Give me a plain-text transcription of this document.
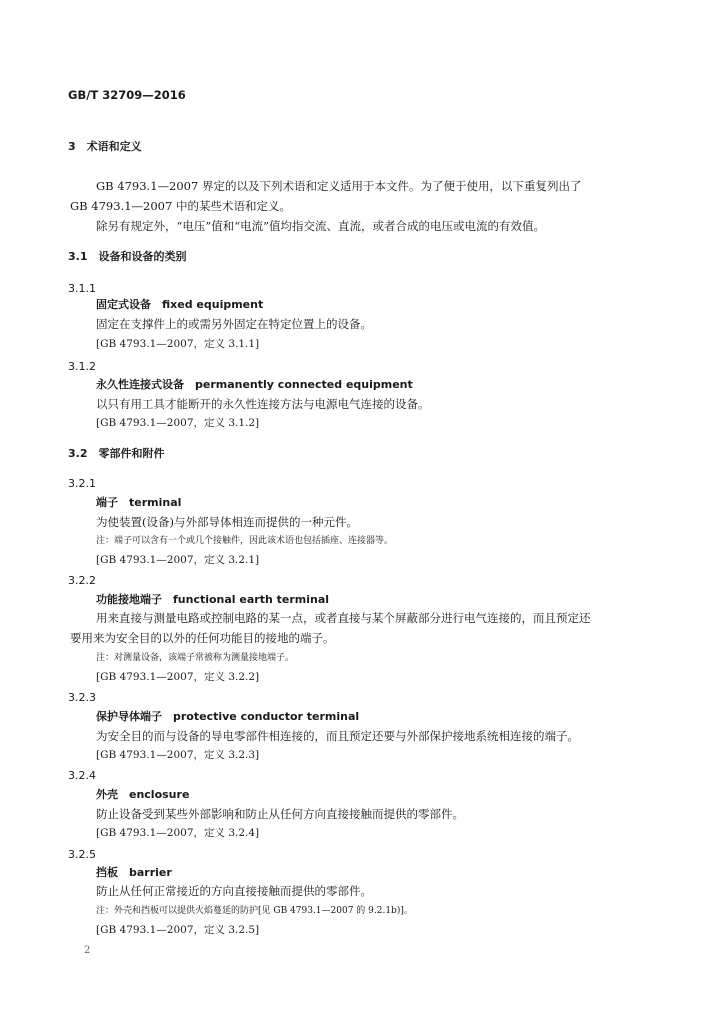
GB/T 32709—2016
3　术语和定义
GB 4793.1—2007 界定的以及下列术语和定义适用于本文件。为了便于使用，以下重复列出了
GB 4793.1—2007 中的某些术语和定义。
除另有规定外，“电压”值和“电流”值均指交流、直流，或者合成的电压或电流的有效值。
3.1　设备和设备的类别
3.1.1
固定式设备　fixed equipment
固定在支撑件上的或需另外固定在特定位置上的设备。
[GB 4793.1—2007，定义 3.1.1]
3.1.2
永久性连接式设备　permanently connected equipment
以只有用工具才能断开的永久性连接方法与电源电气连接的设备。
[GB 4793.1—2007，定义 3.1.2]
3.2　零部件和附件
3.2.1
端子　terminal
为使装置(设备)与外部导体相连而提供的一种元件。
注：端子可以含有一个或几个接触件，因此该术语也包括插座、连接器等。
[GB 4793.1—2007，定义 3.2.1]
3.2.2
功能接地端子　functional earth terminal
用来直接与测量电路或控制电路的某一点，或者直接与某个屏蔽部分进行电气连接的，而且预定还
要用来为安全目的以外的任何功能目的接地的端子。
注：对测量设备，该端子常被称为测量接地端子。
[GB 4793.1—2007，定义 3.2.2]
3.2.3
保护导体端子　protective conductor terminal
为安全目的而与设备的导电零部件相连接的，而且预定还要与外部保护接地系统相连接的端子。
[GB 4793.1—2007，定义 3.2.3]
3.2.4
外壳　enclosure
防止设备受到某些外部影响和防止从任何方向直接接触而提供的零部件。
[GB 4793.1—2007，定义 3.2.4]
3.2.5
挡板　barrier
防止从任何正常接近的方向直接接触而提供的零部件。
注：外壳和挡板可以提供火焰蔓延的防护[见 GB 4793.1—2007 的 9.2.1b)]。
[GB 4793.1—2007，定义 3.2.5]
2
